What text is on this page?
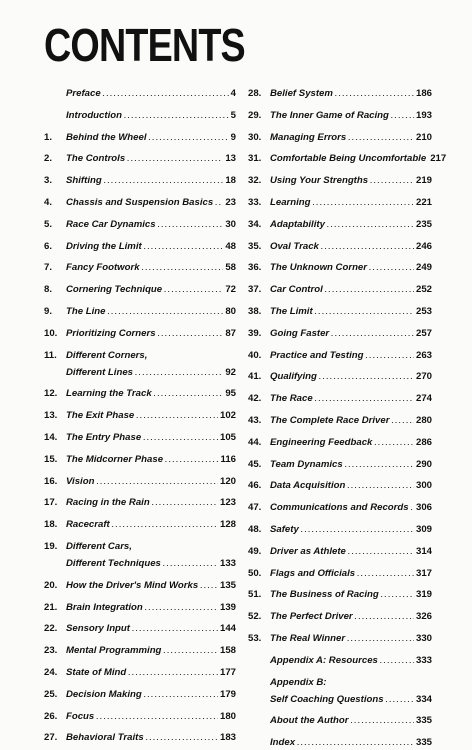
CONTENTS
Preface .....	4
Introduction .....	5
1.	Behind the Wheel .....	9
2.	The Controls .....	13
3.	Shifting .....	18
4.	Chassis and Suspension Basics ..... 23
5.	Race Car Dynamics .....	30
6.	Driving the Limit .....	48
7.	Fancy Footwork .....	58
8.	Cornering Technique .....	72
9.	The Line .....	80
10. Prioritizing Corners .....	87
11. Different Corners,
Different Lines .....	92
12. Learning the Track .....	95
13. The Exit Phase .....	102
14. The Entry Phase .....	105
15. The Midcorner Phase .....	116
16. Vision .....	120
17. Racing in the Rain .....	123
18. Racecraft .....	128
19. Different Cars,
Different Techniques .....	133
20. How the Driver's Mind Works ..... 135
21. Brain Integration .....	139
22. Sensory Input .....	144
23. Mental Programming .....	158
24. State of Mind .....	177
25. Decision Making .....	179
26. Focus .....	180
27. Behavioral Traits .....	183
28. Belief System .....	186
29. The Inner Game of Racing .....	193
30. Managing Errors .....	210
31. Comfortable Being Uncomfortable 217
32. Using Your Strengths .....	219
33. Learning .....	221
34. Adaptability .....	235
35. Oval Track .....	246
36. The Unknown Corner .....	249
37. Car Control .....	252
38. The Limit .....	253
39. Going Faster .....	257
40. Practice and Testing .....	263
41. Qualifying .....	270
42. The Race .....	274
43. The Complete Race Driver .....	280
44. Engineering Feedback .....	286
45. Team Dynamics .....	290
46. Data Acquisition .....	300
47. Communications and Records ..... 306
48. Safety .....	309
49. Driver as Athlete .....	314
50. Flags and Officials .....	317
51. The Business of Racing .....	319
52. The Perfect Driver .....	326
53. The Real Winner .....	330
Appendix A: Resources .....	333
Appendix B:
Self Coaching Questions .....	334
About the Author .....	335
Index .....	335
